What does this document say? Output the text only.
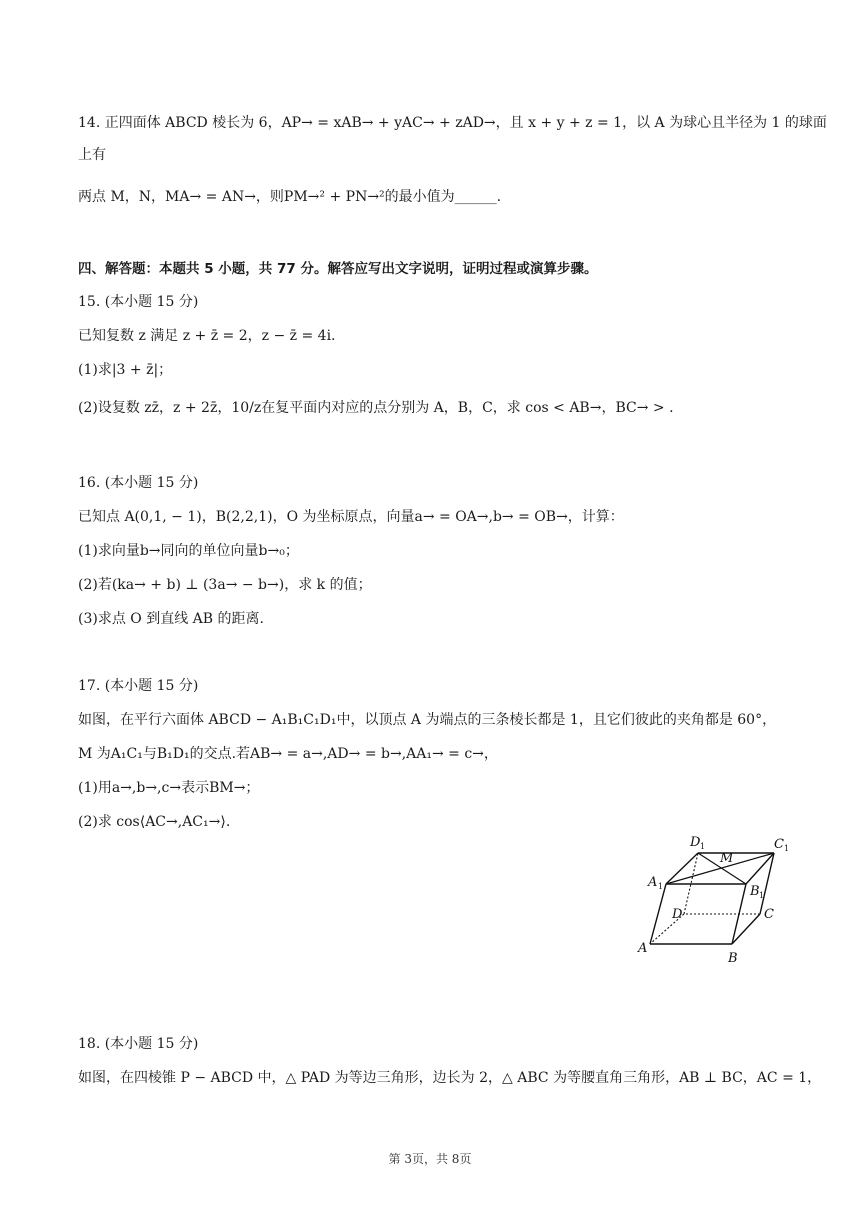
14. 正四面体 ABCD 棱长为 6，AP→ = xAB→ + yAC→ + zAD→，且 x + y + z = 1，以 A 为球心且半径为 1 的球面
上有
两点 M，N，MA→ = AN→，则PM→² + PN→²的最小值为______.
四、解答题：本题共 5 小题，共 77 分。解答应写出文字说明，证明过程或演算步骤。
15. (本小题 15 分)
已知复数 z 满足 z + z̄ = 2，z − z̄ = 4i.
(1)求|3 + z̄|；
(2)设复数 zz̄，z + 2z̄，10/z在复平面内对应的点分别为 A，B，C，求 cos < AB→，BC→ > .
16. (本小题 15 分)
已知点 A(0,1, − 1)，B(2,2,1)，O 为坐标原点，向量a→ = OA→,b→ = OB→，计算：
(1)求向量b→同向的单位向量b→₀；
(2)若(ka→ + b) ⊥ (3a→ − b→)，求 k 的值；
(3)求点 O 到直线 AB 的距离.
17. (本小题 15 分)
如图，在平行六面体 ABCD − A₁B₁C₁D₁中，以顶点 A 为端点的三条棱长都是 1，且它们彼此的夹角都是 60°，
M 为A₁C₁与B₁D₁的交点.若AB→ = a→,AD→ = b→,AA₁→ = c→，
(1)用a→,b→,c→表示BM→；
(2)求 cos⟨AC→,AC₁→⟩.
D 1
M
C 1
A 1	B 1
D	C
A
B
18. (本小题 15 分)
如图，在四棱锥 P − ABCD 中，△ PAD 为等边三角形，边长为 2，△ ABC 为等腰直角三角形，AB ⊥ BC，AC = 1，
第 3页，共 8页
